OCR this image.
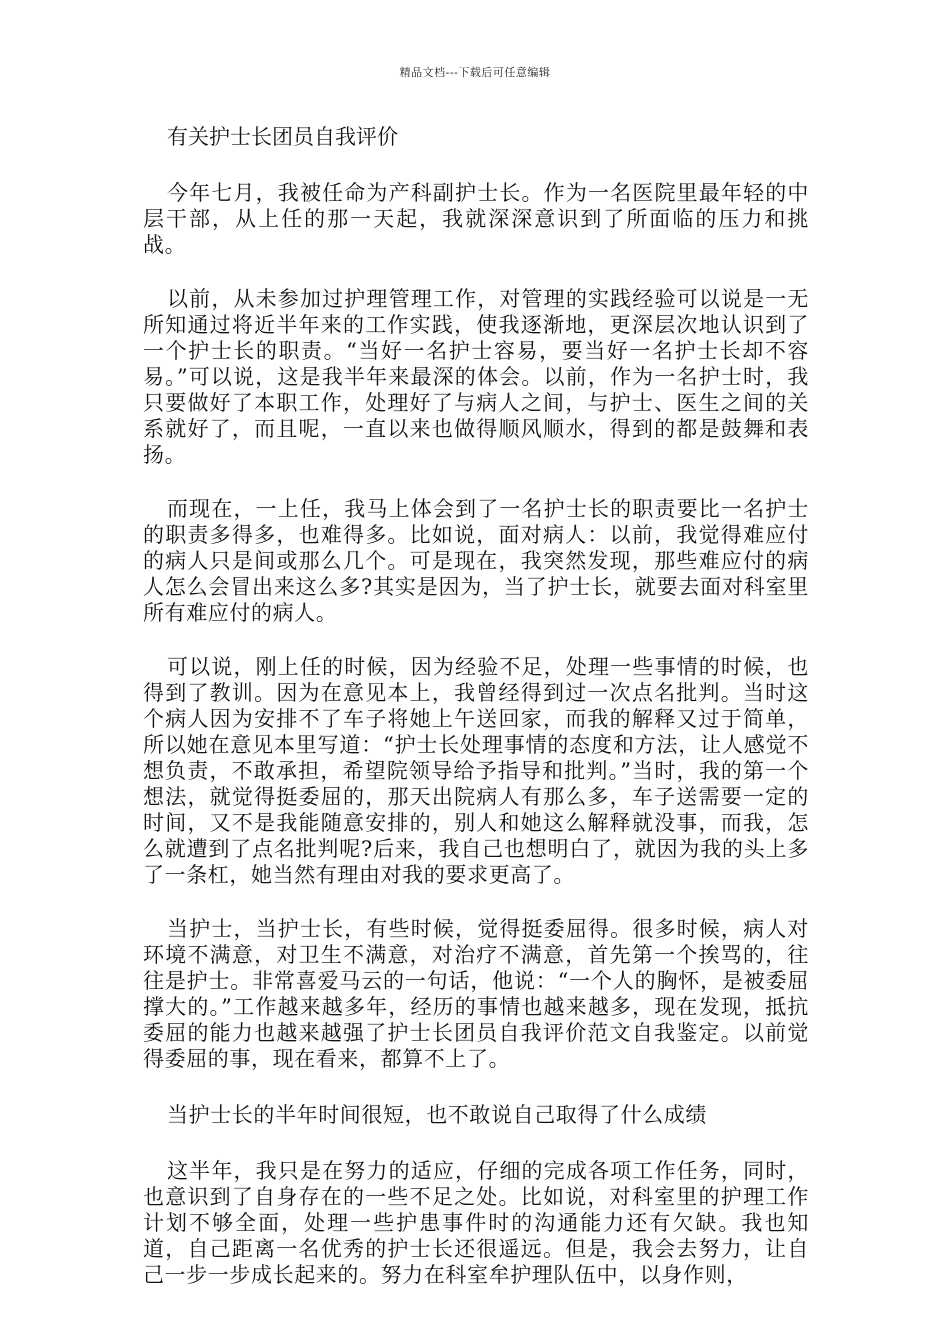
精品文档---下载后可任意编辑
有关护士长团员自我评价

今年七月，我被任命为产科副护士长。作为一名医院里最年轻的中层干部，从上任的那一天起，我就深深意识到了所面临的压力和挑战。

以前，从未参加过护理管理工作，对管理的实践经验可以说是一无所知通过将近半年来的工作实践，使我逐渐地，更深层次地认识到了一个护士长的职责。“当好一名护士容易，要当好一名护士长却不容易。”可以说，这是我半年来最深的体会。以前，作为一名护士时，我只要做好了本职工作，处理好了与病人之间，与护士、医生之间的关系就好了，而且呢，一直以来也做得顺风顺水，得到的都是鼓舞和表扬。

而现在，一上任，我马上体会到了一名护士长的职责要比一名护士的职责多得多，也难得多。比如说，面对病人：以前，我觉得难应付的病人只是间或那么几个。可是现在，我突然发现，那些难应付的病人怎么会冒出来这么多?其实是因为，当了护士长，就要去面对科室里所有难应付的病人。

可以说，刚上任的时候，因为经验不足，处理一些事情的时候，也得到了教训。因为在意见本上，我曾经得到过一次点名批判。当时这个病人因为安排不了车子将她上午送回家，而我的解释又过于简单，所以她在意见本里写道：“护士长处理事情的态度和方法，让人感觉不想负责，不敢承担，希望院领导给予指导和批判。”当时，我的第一个想法，就觉得挺委屈的，那天出院病人有那么多，车子送需要一定的时间，又不是我能随意安排的，别人和她这么解释就没事，而我，怎么就遭到了点名批判呢?后来，我自己也想明白了，就因为我的头上多了一条杠，她当然有理由对我的要求更高了。

当护士，当护士长，有些时候，觉得挺委屈得。很多时候，病人对环境不满意，对卫生不满意，对治疗不满意，首先第一个挨骂的，往往是护士。非常喜爱马云的一句话，他说：“一个人的胸怀，是被委屈撑大的。”工作越来越多年，经历的事情也越来越多，现在发现，抵抗委屈的能力也越来越强了护士长团员自我评价范文自我鉴定。以前觉得委屈的事，现在看来，都算不上了。

当护士长的半年时间很短，也不敢说自己取得了什么成绩

这半年，我只是在努力的适应，仔细的完成各项工作任务，同时，也意识到了自身存在的一些不足之处。比如说，对科室里的护理工作计划不够全面，处理一些护患事件时的沟通能力还有欠缺。我也知道，自己距离一名优秀的护士长还很遥远。但是，我会去努力，让自己一步一步成长起来的。努力在科室牟护理队伍中，以身作则，
